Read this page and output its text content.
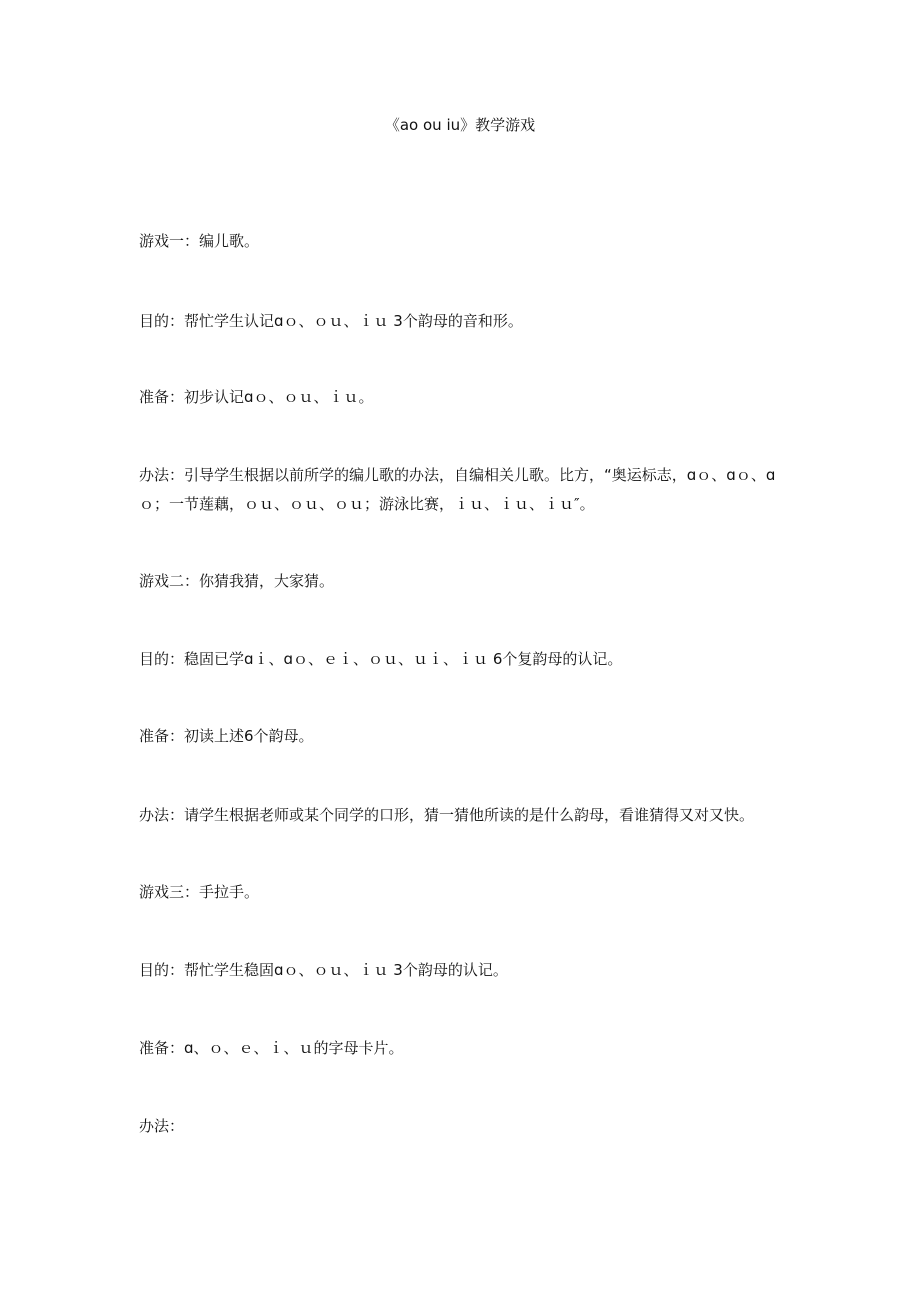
《ao ou iu》教学游戏
游戏一：编儿歌。
目的：帮忙学生认记ɑｏ、ｏｕ、ｉｕ 3个韵母的音和形。
准备：初步认记ɑｏ、ｏｕ、ｉｕ。
办法：引导学生根据以前所学的编儿歌的办法，自编相关儿歌。比方，“奥运标志，ɑｏ、ɑｏ、ɑｏ；一节莲藕，ｏｕ、ｏｕ、ｏｕ；游泳比赛，ｉｕ、ｉｕ、ｉｕ″。
游戏二：你猜我猜，大家猜。
目的：稳固已学ɑｉ、ɑｏ、ｅｉ、ｏｕ、ｕｉ、ｉｕ 6个复韵母的认记。
准备：初读上述6个韵母。
办法：请学生根据老师或某个同学的口形，猜一猜他所读的是什么韵母，看谁猜得又对又快。
游戏三：手拉手。
目的：帮忙学生稳固ɑｏ、ｏｕ、ｉｕ 3个韵母的认记。
准备：ɑ、ｏ、ｅ、ｉ、ｕ的字母卡片。
办法：
